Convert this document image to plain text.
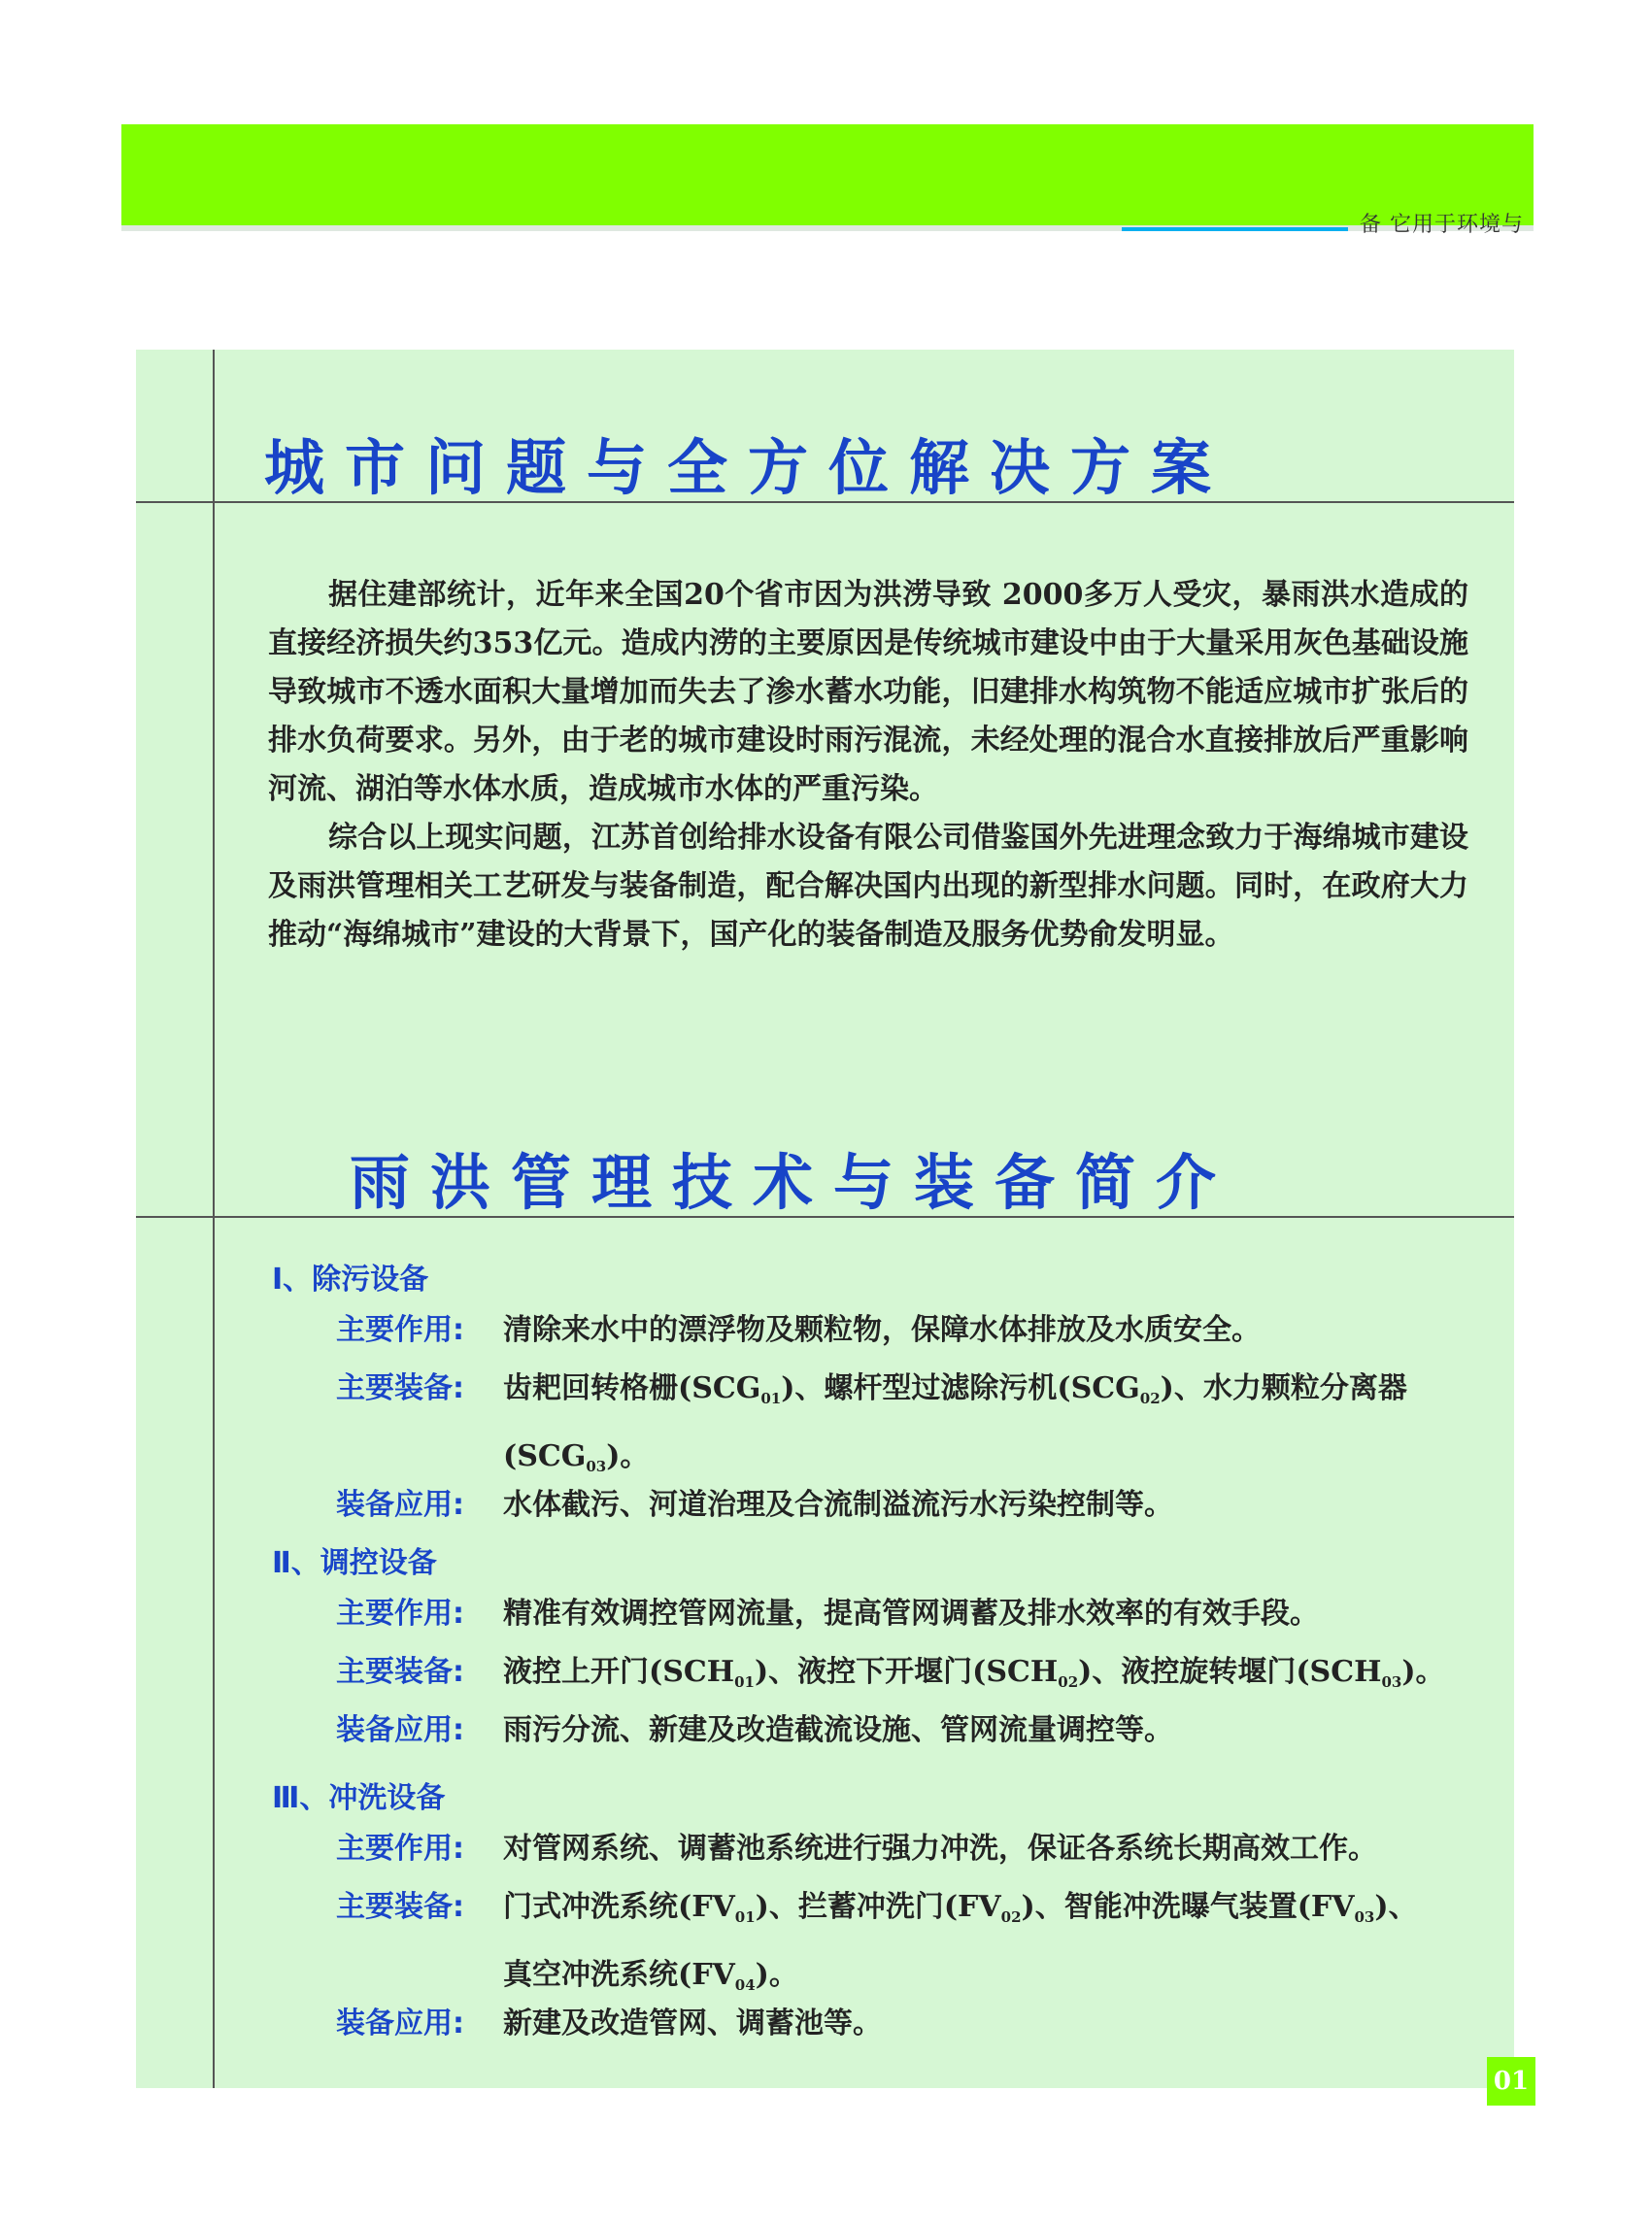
备 它用于环境与
城市问题与全方位解决方案

据住建部统计，近年来全国20个省市因为洪涝导致 2000多万人受灾，暴雨洪水造成的直接经济损失约353亿元。造成内涝的主要原因是传统城市建设中由于大量采用灰色基础设施导致城市不透水面积大量增加而失去了渗水蓄水功能，旧建排水构筑物不能适应城市扩张后的排水负荷要求。另外，由于老的城市建设时雨污混流，未经处理的混合水直接排放后严重影响河流、湖泊等水体水质，造成城市水体的严重污染。

综合以上现实问题，江苏首创给排水设备有限公司借鉴国外先进理念致力于海绵城市建设及雨洪管理相关工艺研发与装备制造，配合解决国内出现的新型排水问题。同时，在政府大力推动“海绵城市”建设的大背景下，国产化的装备制造及服务优势俞发明显。

雨洪管理技术与装备简介
Ⅰ、除污设备
主要作用: 清除来水中的漂浮物及颗粒物，保障水体排放及水质安全。
主要装备: 齿耙回转格栅$(SCG_{01})$、螺杆型过滤除污机$(SCG_{02})$、水力颗粒分离器
$(SCG_{03})$。
装备应用: 水体截污、河道治理及合流制溢流污水污染控制等。
Ⅱ、调控设备
主要作用: 精准有效调控管网流量，提高管网调蓄及排水效率的有效手段。
主要装备: 液控上开门$(SCH_{01})$、液控下开堰门$(SCH_{02})$、液控旋转堰门$(SCH_{03})$。
装备应用: 雨污分流、新建及改造截流设施、管网流量调控等。
Ⅲ、冲洗设备
主要作用: 对管网系统、调蓄池系统进行强力冲洗，保证各系统长期高效工作。
主要装备: 门式冲洗系统$(FV_{01})$、拦蓄冲洗门$(FV_{02})$、智能冲洗曝气装置$(FV_{03})$、
真空冲洗系统$(FV_{04})$。
装备应用: 新建及改造管网、调蓄池等。
01
